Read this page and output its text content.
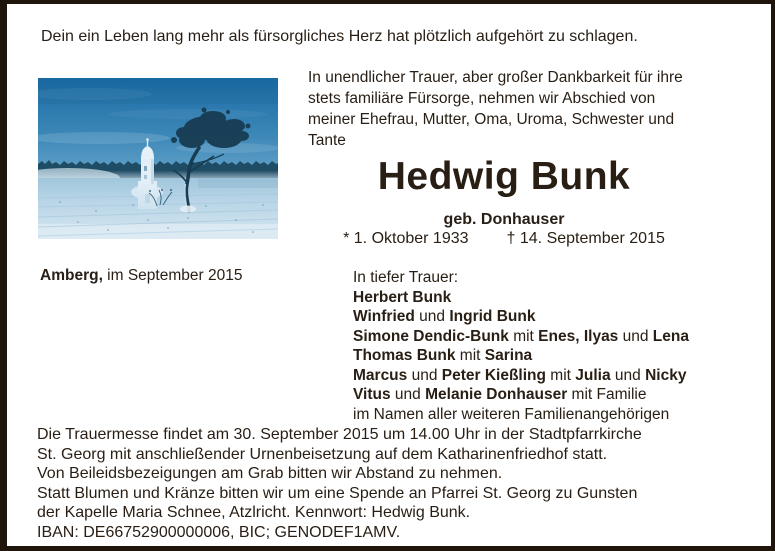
Dein ein Leben lang mehr als fürsorgliches Herz hat plötzlich aufgehört zu schlagen.
Amberg, im September 2015
In unendlicher Trauer, aber großer Dankbarkeit für ihre
stets familiäre Fürsorge, nehmen wir Abschied von
meiner Ehefrau, Mutter, Oma, Uroma, Schwester und
Tante
Hedwig Bunk
geb. Donhauser
* 1. Oktober 1933 † 14. September 2015
In tiefer Trauer:
Herbert Bunk
Winfried und Ingrid Bunk
Simone Dendic-Bunk mit Enes, Ilyas und Lena
Thomas Bunk mit Sarina
Marcus und Peter Kießling mit Julia und Nicky
Vitus und Melanie Donhauser mit Familie
im Namen aller weiteren Familienangehörigen
Die Trauermesse findet am 30. September 2015 um 14.00 Uhr in der Stadtpfarrkirche
St. Georg mit anschließender Urnenbeisetzung auf dem Katharinenfriedhof statt.
Von Beileidsbezeigungen am Grab bitten wir Abstand zu nehmen.
Statt Blumen und Kränze bitten wir um eine Spende an Pfarrei St. Georg zu Gunsten
der Kapelle Maria Schnee, Atzlricht. Kennwort: Hedwig Bunk.
IBAN: DE66752900000006, BIC; GENODEF1AMV.
